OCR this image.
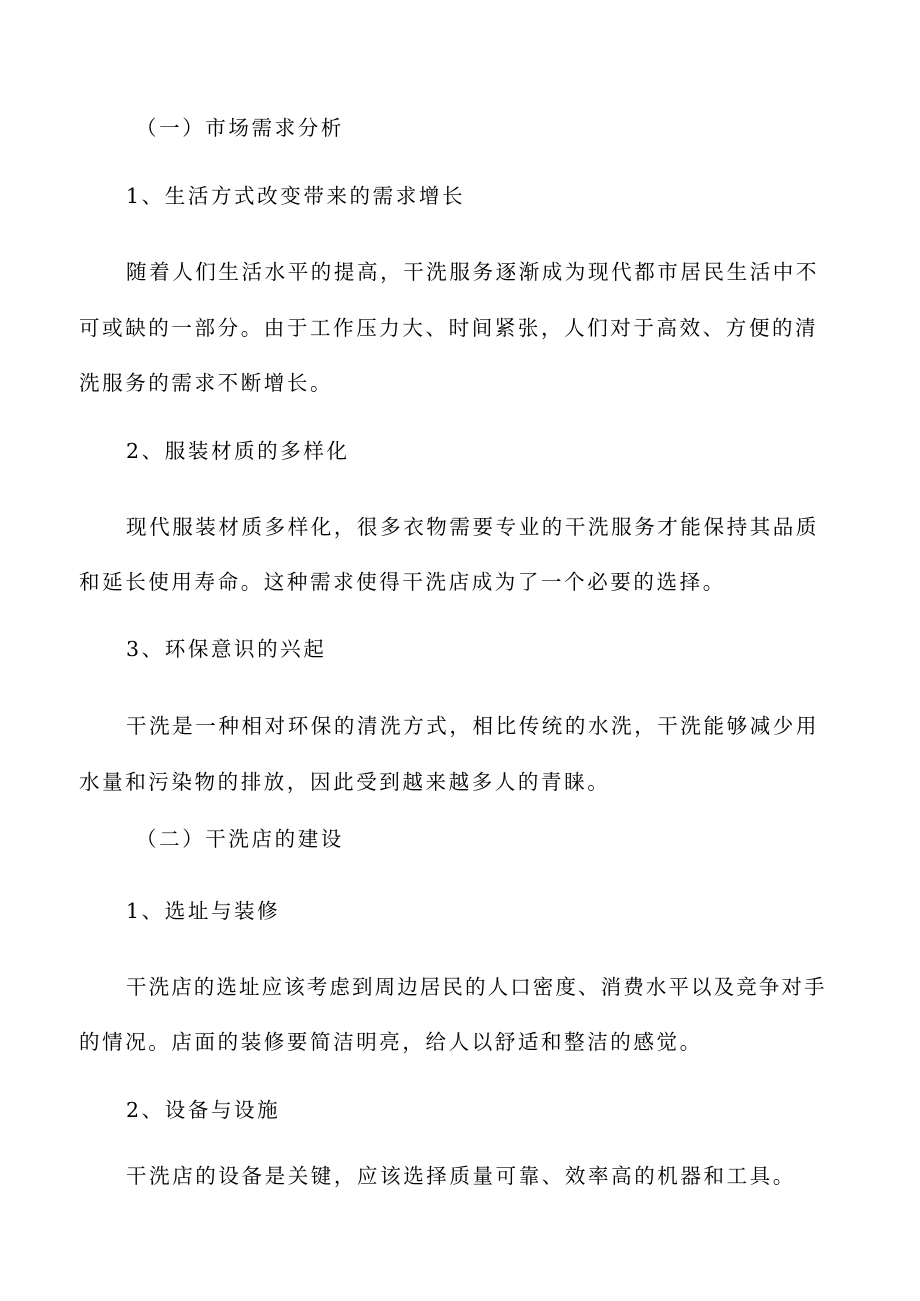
（一）市场需求分析
1、生活方式改变带来的需求增长
随着人们生活水平的提高，干洗服务逐渐成为现代都市居民生活中不
可或缺的一部分。由于工作压力大、时间紧张，人们对于高效、方便的清
洗服务的需求不断增长。
2、服装材质的多样化
现代服装材质多样化，很多衣物需要专业的干洗服务才能保持其品质
和延长使用寿命。这种需求使得干洗店成为了一个必要的选择。
3、环保意识的兴起
干洗是一种相对环保的清洗方式，相比传统的水洗，干洗能够减少用
水量和污染物的排放，因此受到越来越多人的青睐。
（二）干洗店的建设
1、选址与装修
干洗店的选址应该考虑到周边居民的人口密度、消费水平以及竞争对手
的情况。店面的装修要简洁明亮，给人以舒适和整洁的感觉。
2、设备与设施
干洗店的设备是关键，应该选择质量可靠、效率高的机器和工具。
